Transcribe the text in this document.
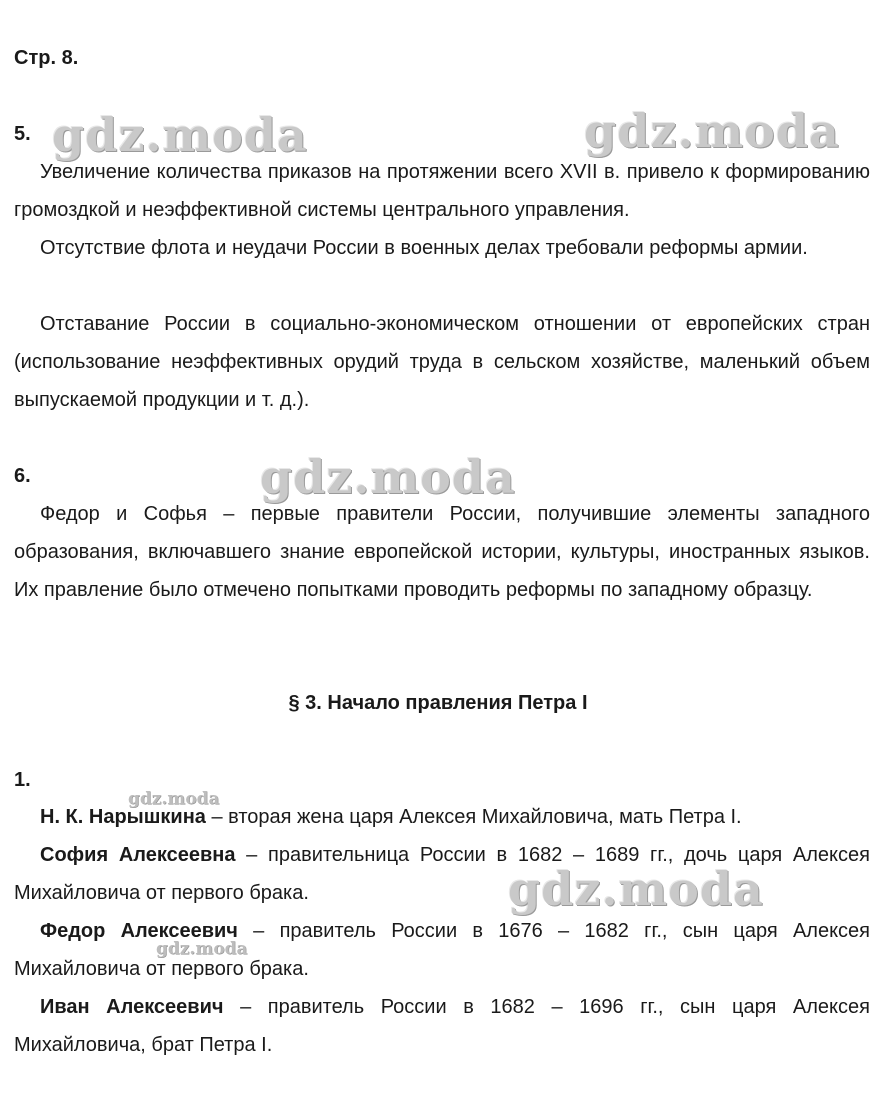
Стр. 8.
5.
Увеличение количества приказов на протяжении всего XVII в. привело к формированию громоздкой и неэффективной системы центрального управления.
Отсутствие флота и неудачи России в военных делах требовали реформы армии.
Отставание России в социально-экономическом отношении от европейских стран (использование неэффективных орудий труда в сельском хозяйстве, маленький объем выпускаемой продукции и т. д.).
6.
Федор и Софья – первые правители России, получившие элементы западного образования, включавшего знание европейской истории, культуры, иностранных языков. Их правление было отмечено попытками проводить реформы по западному образцу.
§ 3. Начало правления Петра I
1.
Н. К. Нарышкина – вторая жена царя Алексея Михайловича, мать Петра I.
София Алексеевна – правительница России в 1682 – 1689 гг., дочь царя Алексея Михайловича от первого брака.
Федор Алексеевич – правитель России в 1676 – 1682 гг., сын царя Алексея Михайловича от первого брака.
Иван Алексеевич – правитель России в 1682 – 1696 гг., сын царя Алексея Михайловича, брат Петра I.
gdz.moda	gdz.moda
gdz.moda
gdz.moda
gdz.moda
gdz.moda
